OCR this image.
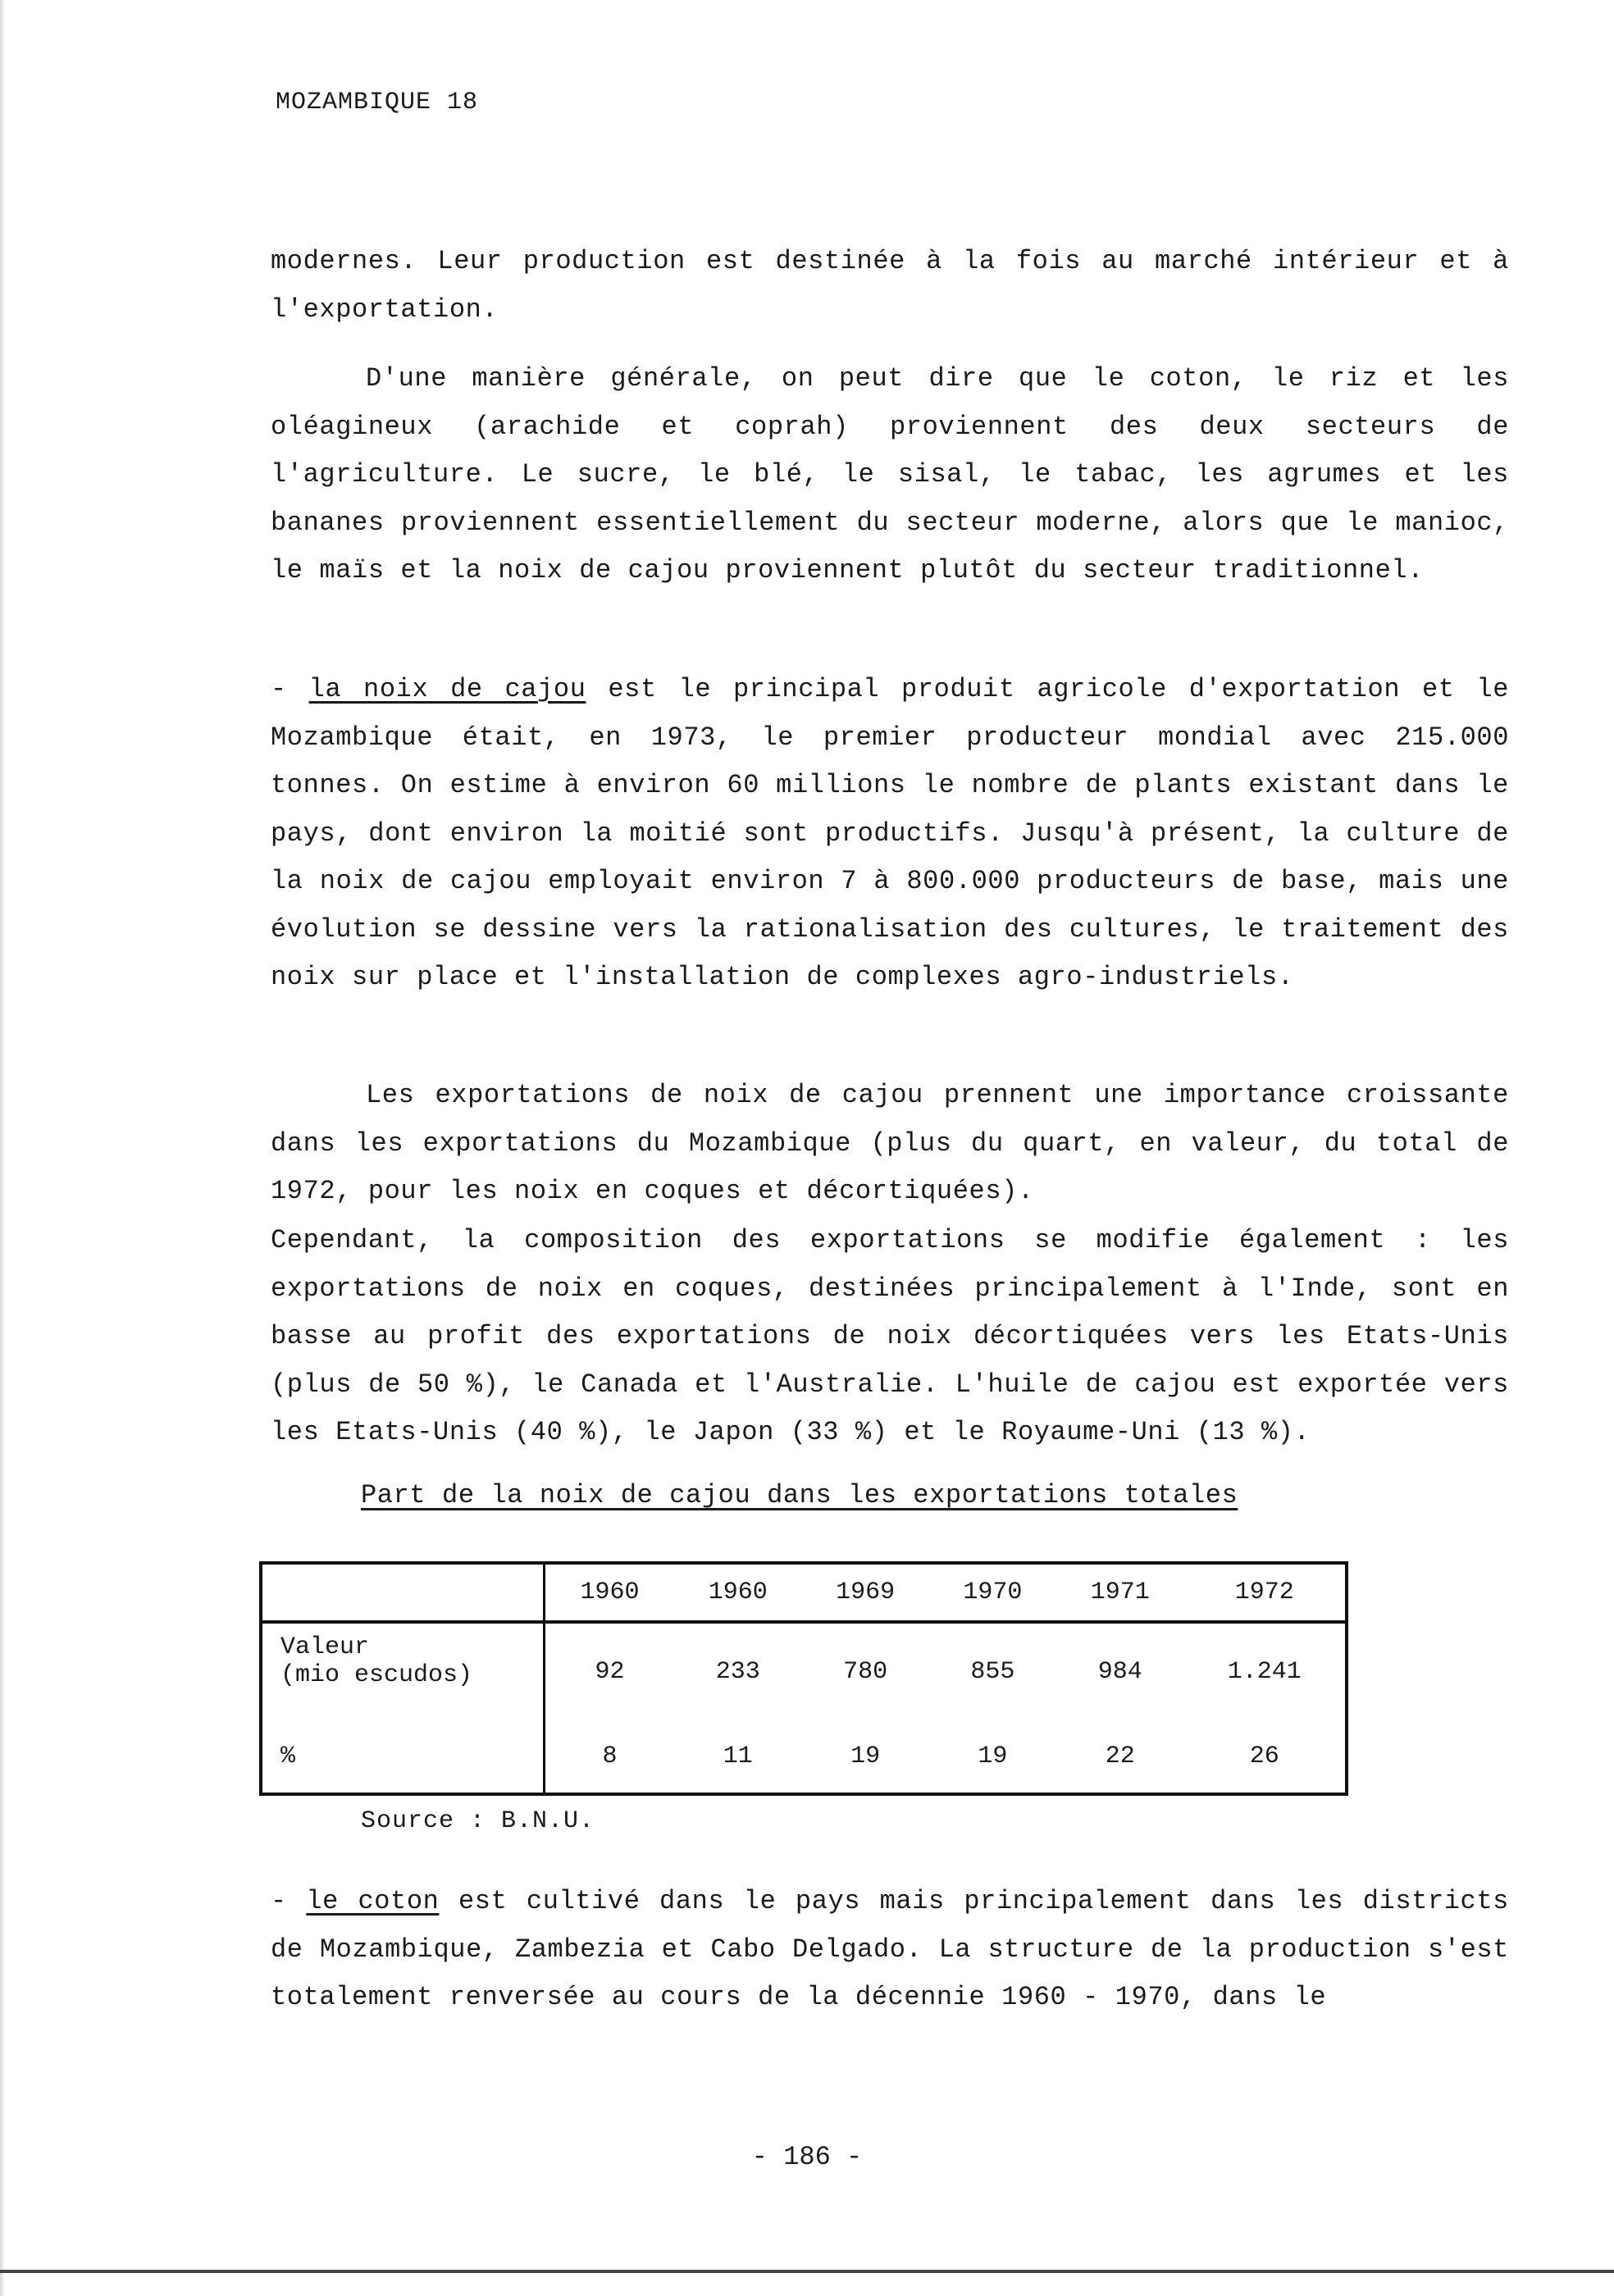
MOZAMBIQUE 18

modernes. Leur production est destinée à la fois au marché intérieur et à l'exportation.

D'une manière générale, on peut dire que le coton, le riz et les oléagineux (arachide et coprah) proviennent des deux secteurs de l'agriculture. Le sucre, le blé, le sisal, le tabac, les agrumes et les bananes proviennent essentiellement du secteur moderne, alors que le manioc, le maïs et la noix de cajou proviennent plutôt du secteur traditionnel.

- la noix de cajou est le principal produit agricole d'exportation et le Mozambique était, en 1973, le premier producteur mondial avec 215.000 tonnes. On estime à environ 60 millions le nombre de plants existant dans le pays, dont environ la moitié sont productifs. Jusqu'à présent, la culture de la noix de cajou employait environ 7 à 800.000 producteurs de base, mais une évolution se dessine vers la rationalisation des cultures, le traitement des noix sur place et l'installation de complexes agro-industriels.

Les exportations de noix de cajou prennent une importance croissante dans les exportations du Mozambique (plus du quart, en valeur, du total de 1972, pour les noix en coques et décortiquées).

Cependant, la composition des exportations se modifie également : les exportations de noix en coques, destinées principalement à l'Inde, sont en basse au profit des exportations de noix décortiquées vers les Etats-Unis (plus de 50 %), le Canada et l'Australie. L'huile de cajou est exportée vers les Etats-Unis (40 %), le Japon (33 %) et le Royaume-Uni (13 %).

Part de la noix de cajou dans les exportations totales
	1960	1960	1969	1970	1971	1972

Valeur
(mio escudos)	92	233	780	855	984	1.241

%	8	11	19	19	22	26
Source : B.N.U.

- le coton est cultivé dans le pays mais principalement dans les districts de Mozambique, Zambezia et Cabo Delgado. La structure de la production s'est totalement renversée au cours de la décennie 1960 - 1970, dans le

- 186 -
